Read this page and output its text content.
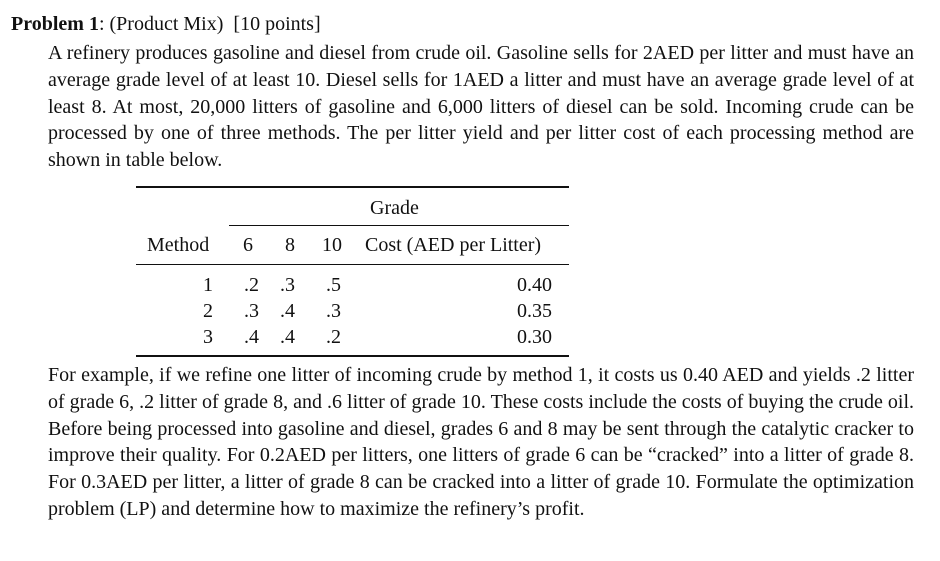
Problem 1: (Product Mix) [10 points]

A refinery produces gasoline and diesel from crude oil. Gasoline sells for 2AED per litter and must have an average grade level of at least 10. Diesel sells for 1AED a litter and must have an average grade level of at least 8. At most, 20,000 litters of gasoline and 6,000 litters of diesel can be sold. Incoming crude can be processed by one of three methods. The per litter yield and per litter cost of each processing method are shown in table below.

Grade
Method 6 8 10 Cost (AED per Litter)
1 .2 .3 .5	0.40
2 .3 .4 .3	0.35
3 .4 .4 .2	0.30

For example, if we refine one litter of incoming crude by method 1, it costs us 0.40 AED and yields .2 litter of grade 6, .2 litter of grade 8, and .6 litter of grade 10. These costs include the costs of buying the crude oil. Before being processed into gasoline and diesel, grades 6 and 8 may be sent through the catalytic cracker to improve their quality. For 0.2AED per litters, one litters of grade 6 can be “cracked” into a litter of grade 8. For 0.3AED per litter, a litter of grade 8 can be cracked into a litter of grade 10. Formulate the optimization problem (LP) and determine how to maximize the refinery’s profit.
